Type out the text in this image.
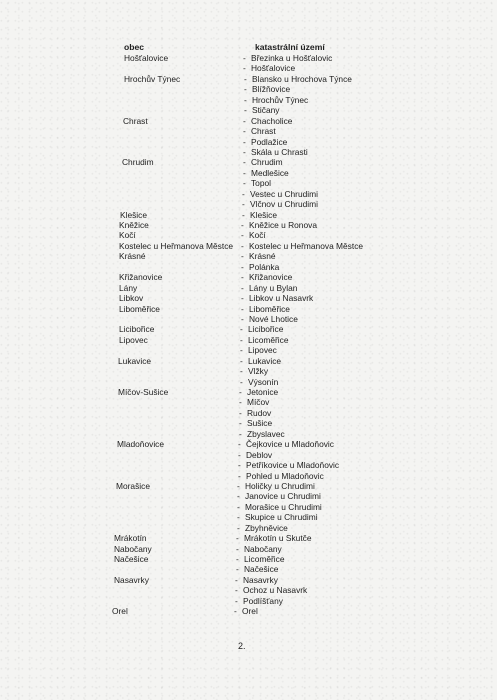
obec	katastrální území
Hošťalovice	- Březinka u Hošťalovic
- Hošťalovice
Hrochův Týnec	- Blansko u Hrochova Týnce
- Blížňovice
- Hrochův Týnec
- Stičany
Chrast	- Chacholice
- Chrast
- Podlažice
- Skála u Chrasti
Chrudim	- Chrudim
- Medlešice
- Topol
- Vestec u Chrudimi
- Vlčnov u Chrudimi
Klešice	- Klešice
Kněžice	- Kněžice u Ronova
Kočí	- Kočí
Kostelec u Heřmanova Městce - Kostelec u Heřmanova Městce
Krásné	- Krásné
- Polánka
Křižanovice	- Křižanovice
Lány	- Lány u Bylan
Libkov	- Libkov u Nasavrk
Liboměřice	- Liboměřice
- Nové Lhotice
Licibořice	- Licibořice
Lipovec	- Licoměřice
- Lipovec
Lukavice	- Lukavice
- Vlžky
- Výsonín
Míčov-Sušice	- Jetonice
- Míčov
- Rudov
- Sušice
- Zbyslavec
Mladoňovice	- Čejkovice u Mladoňovic
- Deblov
- Petříkovice u Mladoňovic
- Pohled u Mladoňovic
Morašice	- Holičky u Chrudimi
- Janovice u Chrudimi
- Morašice u Chrudimi
- Skupice u Chrudimi
- Zbyhněvice
Mrákotín	- Mrákotín u Skutče
Nabočany	- Nabočany
Načešice	- Licoměřice
- Načešice
Nasavrky	- Nasavrky
- Ochoz u Nasavrk
- Podlíšťany
Orel	- Orel
2.
